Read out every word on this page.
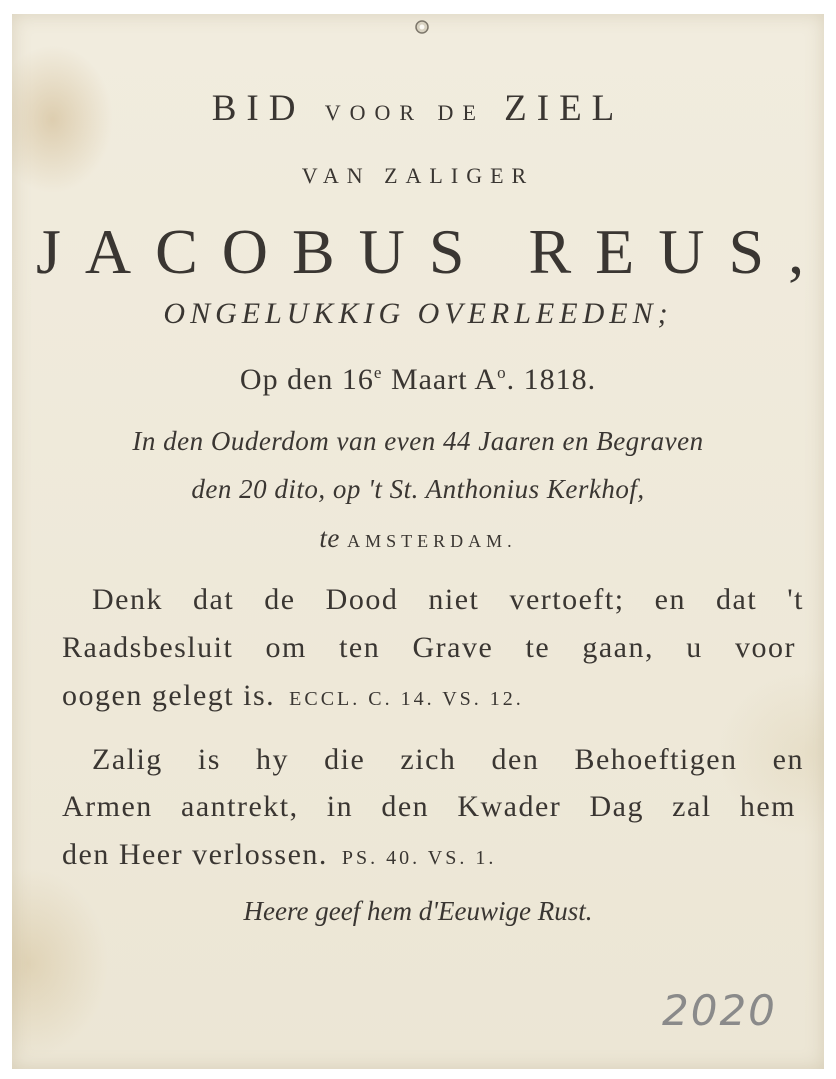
BID VOOR DE ZIEL
VAN ZALIGER
JACOBUS REUS,
ONGELUKKIG OVERLEEDEN;
Op den 16e Maart $A^o$. 1818.
In den Ouderdom van even 44 Jaaren en Begraven
den 20 dito, op 't St. Anthonius Kerkhof,
te AMSTERDAM.
Denk dat de Dood niet vertoeft; en dat 't
Raadsbesluit om ten Grave te gaan, u voor
oogen gelegt is. ECCL. C. 14. VS. 12.
Zalig is hy die zich den Behoeftigen en
Armen aantrekt, in den Kwader Dag zal hem
den Heer verlossen. PS. 40. VS. 1.
Heere geef hem d'Eeuwige Rust.
2020
